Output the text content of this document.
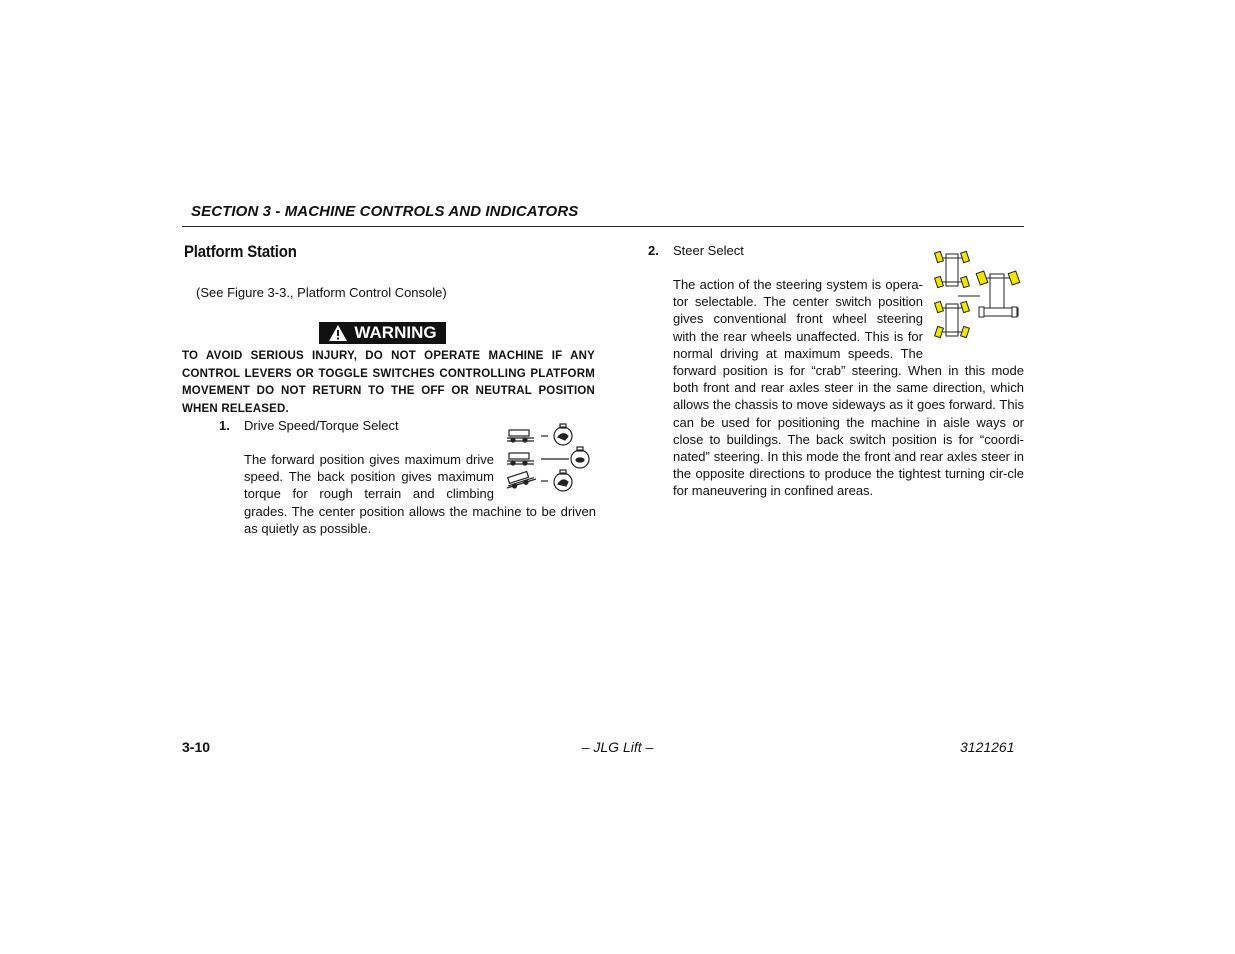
SECTION 3 - MACHINE CONTROLS AND INDICATORS
Platform Station
(See Figure 3-3., Platform Control Console)
WARNING
TO AVOID SERIOUS INJURY, DO NOT OPERATE MACHINE IF ANY CONTROL LEVERS OR TOGGLE SWITCHES CONTROLLING PLATFORM MOVEMENT DO NOT RETURN TO THE OFF OR NEUTRAL POSITION WHEN RELEASED.
1. Drive Speed/Torque Select
The forward position gives maximum drive
speed. The back position gives maximum
torque for rough terrain and climbing
grades. The center position allows the machine to be driven as quietly as possible.
2. Steer Select
The action of the steering system is opera-
tor selectable. The center switch position
gives conventional front wheel steering
with the rear wheels unaffected. This is for
normal driving at maximum speeds. The
forward position is for “crab” steering. When in this mode both front and rear axles steer in the same direction, which allows the chassis to move sideways as it goes forward. This can be used for positioning the machine in aisle ways or close to buildings. The back switch position is for “coordi-nated” steering. In this mode the front and rear axles steer in the opposite directions to produce the tightest turning cir-cle for maneuvering in confined areas.
3-10	– JLG Lift –	3121261
